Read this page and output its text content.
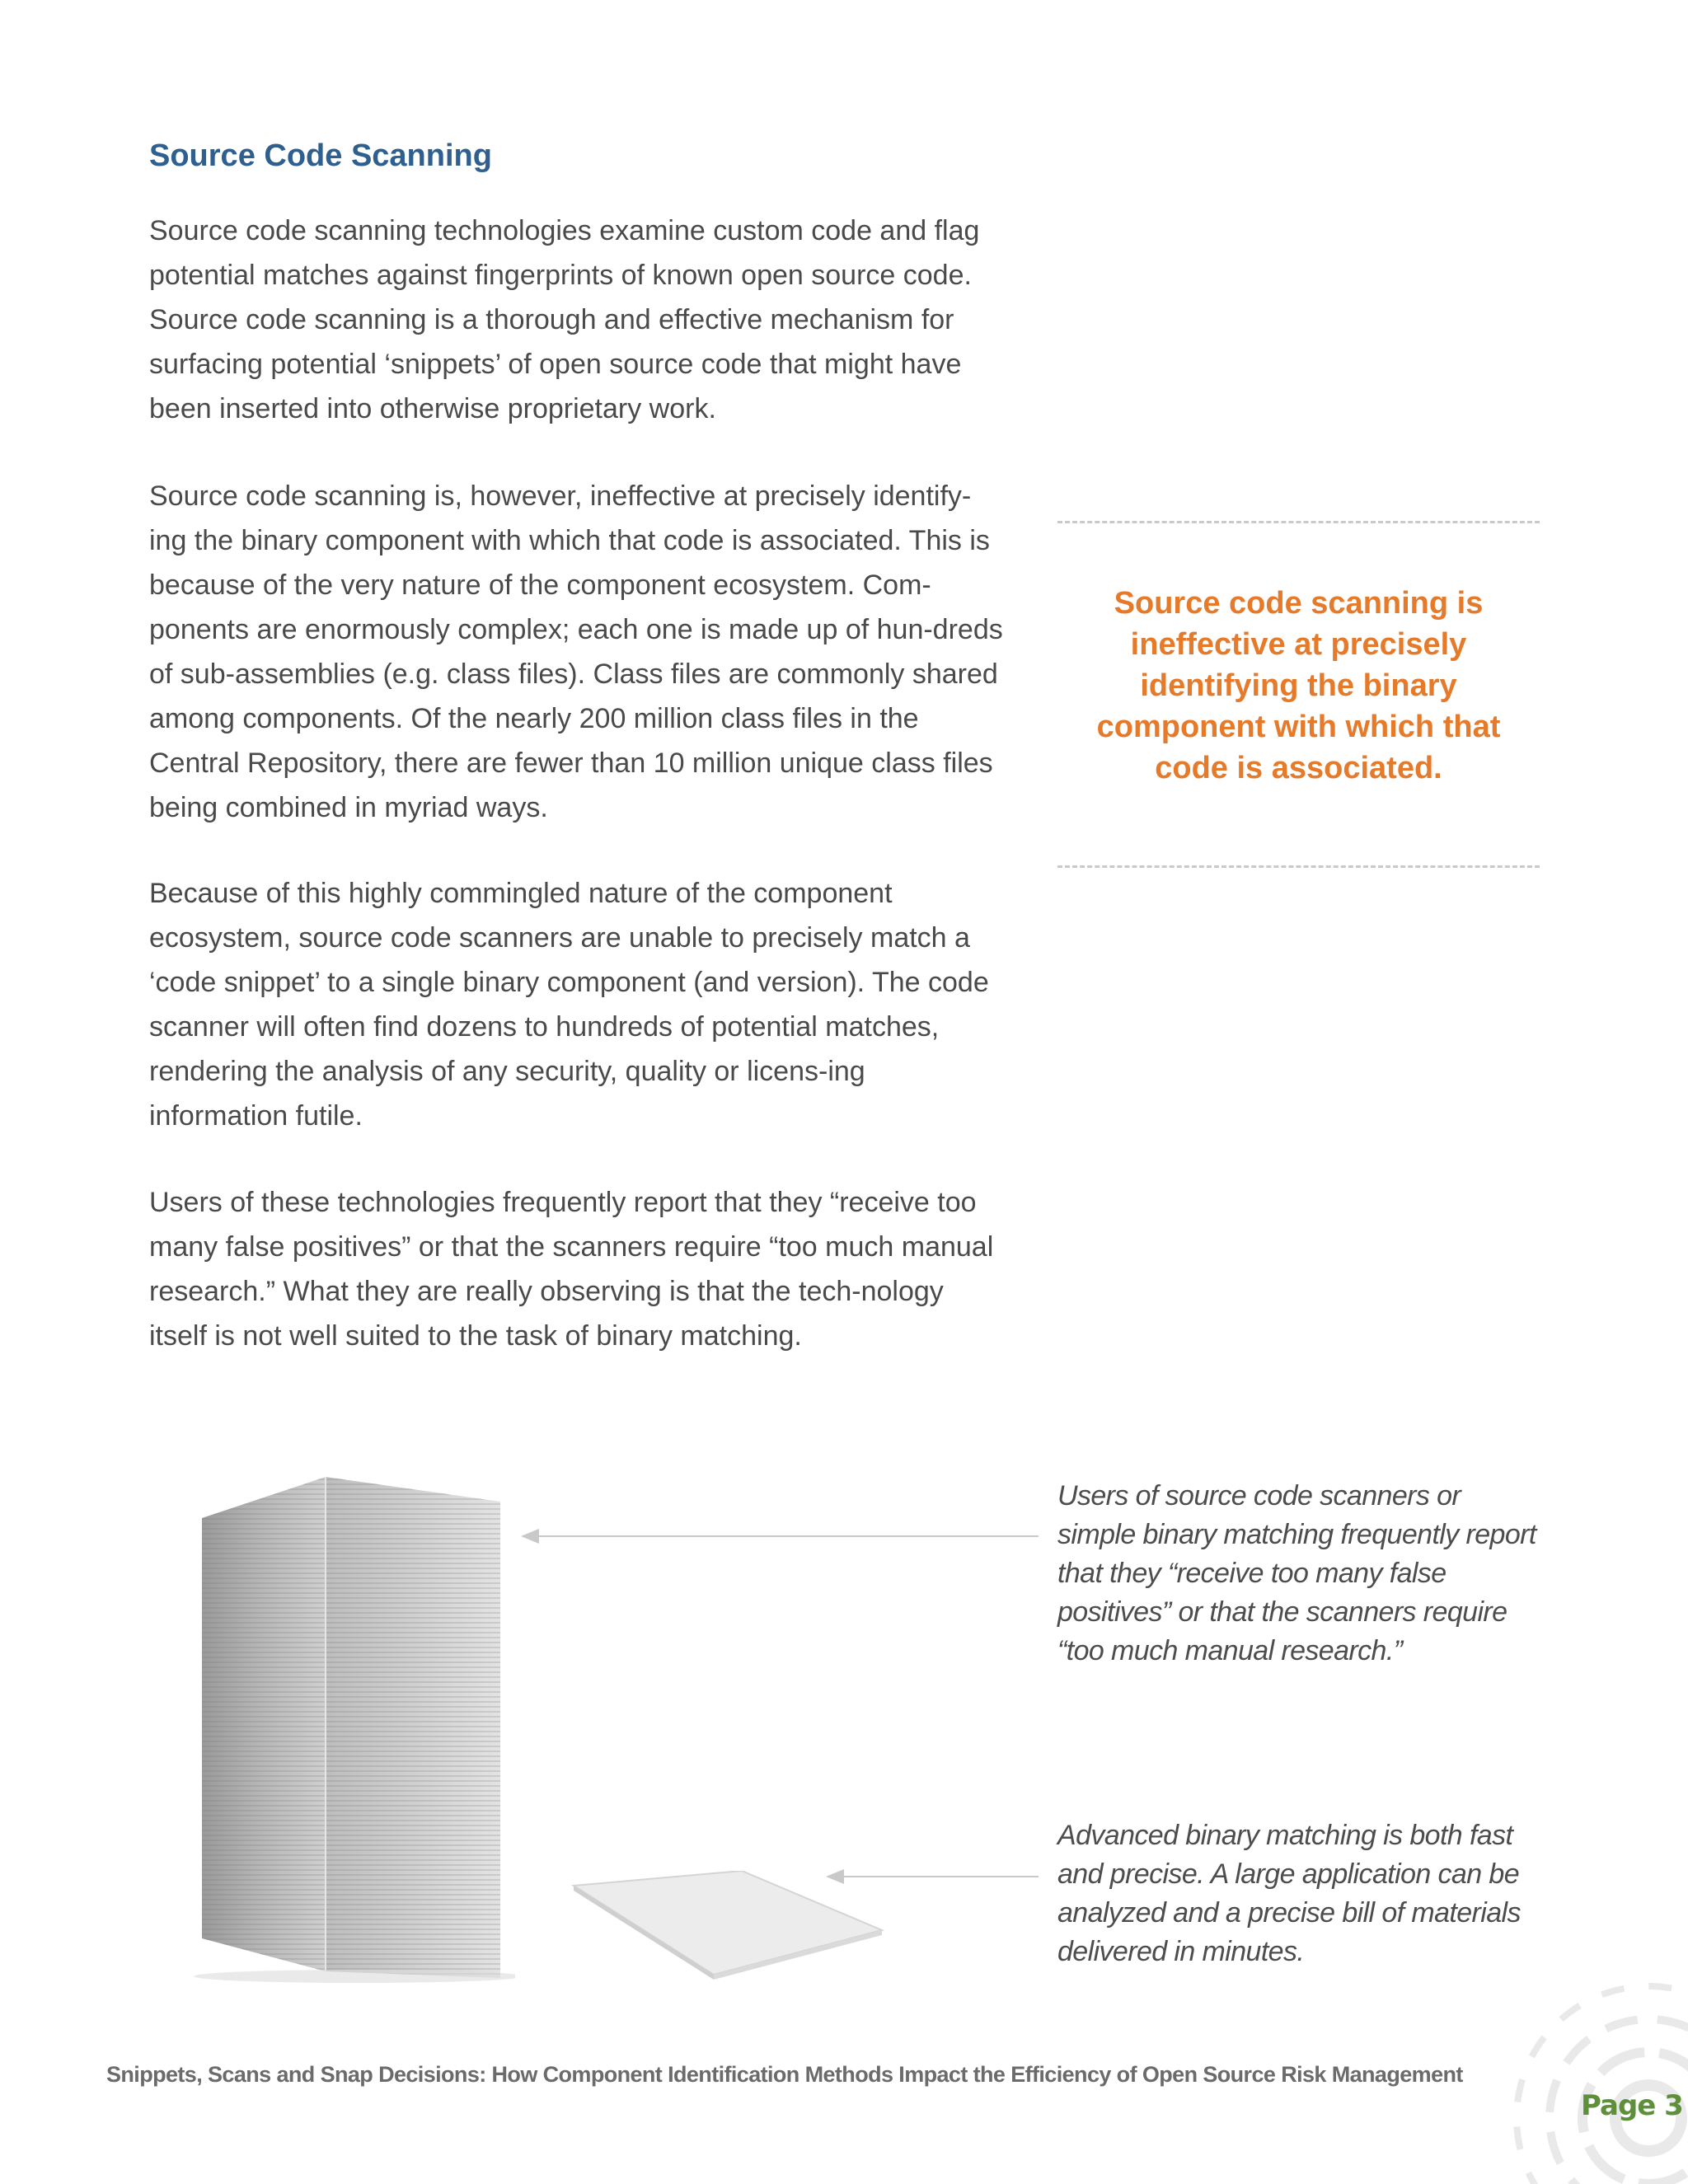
Source Code Scanning

Source code scanning technologies examine custom code and flag potential matches against fingerprints of known open source code. Source code scanning is a thorough and effective mechanism for surfacing potential ‘snippets’ of open source code that might have been inserted into otherwise proprietary work.

Source code scanning is, however, ineffective at precisely identify-ing the binary component with which that code is associated. This is because of the very nature of the component ecosystem. Com-ponents are enormously complex; each one is made up of hun-dreds of sub-assemblies (e.g. class files). Class files are commonly shared among components. Of the nearly 200 million class files in the Central Repository, there are fewer than 10 million unique class files being combined in myriad ways.

Because of this highly commingled nature of the component ecosystem, source code scanners are unable to precisely match a ‘code snippet’ to a single binary component (and version). The code scanner will often find dozens to hundreds of potential matches, rendering the analysis of any security, quality or licens-ing information futile.

Users of these technologies frequently report that they “receive too many false positives” or that the scanners require “too much manual research.” What they are really observing is that the tech-nology itself is not well suited to the task of binary matching.

Source code scanning is ineffective at precisely identifying the binary component with which that code is associated.

Users of source code scanners or simple binary matching frequently report that they “receive too many false positives” or that the scanners require “too much manual research.”

Advanced binary matching is both fast and precise. A large application can be analyzed and a precise bill of materials delivered in minutes.

Snippets, Scans and Snap Decisions: How Component Identification Methods Impact the Efficiency of Open Source Risk Management

Page 3
